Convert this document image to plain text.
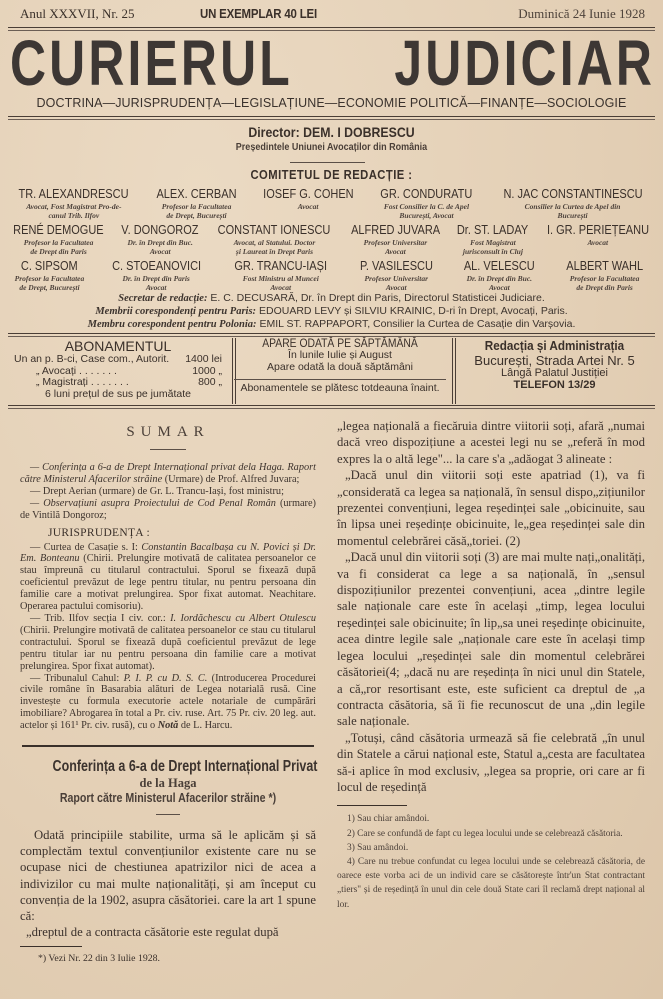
Anul XXXVII, Nr. 25	UN EXEMPLAR 40 LEI	Duminică 24 Iunie 1928
CURIERUL JUDICIAR
DOCTRINA—JURISPRUDENȚA—LEGISLAȚIUNE—ECONOMIE POLITICĂ—FINANȚE—SOCIOLOGIE
Director: DEM. I DOBRESCU
Președintele Uniunei Avocaților din România
COMITETUL DE REDACȚIE :
TR. ALEXANDRESCU
Avocat, Fost Magistrat Pro-de-
canul Trib. Ilfov
ALEX. CERBAN
Profesor la Facultatea
de Drept, București
IOSEF G. COHEN
Avocat
GR. CONDURATU
Fost Consilier la C. de Apel
București, Avocat
N. JAC CONSTANTINESCU
Consilier la Curtea de Apel din
București
RENÉ DEMOGUE
Profesor la Facultatea
de Drept din Paris
V. DONGOROZ
Dr. în Drept din Buc.
Avocat
CONSTANT IONESCU
Avocat, al Statului. Doctor
și Laureat în Drept Paris
ALFRED JUVARA
Profesor Universitar
Avocat
Dr. ST. LADAY
Fost Magistrat
jurisconsult în Cluj
I. GR. PERIEȚEANU
Avocat
C. SIPSOM
Profesor la Facultatea
de Drept, București
C. STOEANOVICI
Dr. în Drept din Paris
Avocat
GR. TRANCU-IAȘI
Fost Ministru al Muncei
Avocat
P. VASILESCU
Profesor Universitar
Avocat
AL. VELESCU
Dr. în Drept din Buc.
Avocat
ALBERT WAHL
Profesor la Facultatea
de Drept din Paris
Secretar de redacție: E. C. DECUSARĂ, Dr. în Drept din Paris, Directorul Statisticei Judiciare.
Membrii corespondenți pentru Paris: EDOUARD LEVY și SILVIU KRAINIC, D-ri în Drept, Avocați, Paris.
Membru corespondent pentru Polonia: EMIL ST. RAPPAPORT, Consilier la Curtea de Casație din Varșovia.
ABONAMENTUL
Un an p. B-ci, Case com., Autorit. 1400 lei
„ Avocați . . . . . . .	1000 „
„ Magistrați . . . . . . .	800 „
6 luni prețul de sus pe jumătate
APARE ODATĂ PE SĂPTĂMÂNĂ
În lunile Iulie și August
Apare odată la două săptămâni
Abonamentele se plătesc totdeauna înaint.
Redacția și Administrația
București, Strada Artei Nr. 5
Lângă Palatul Justiției
TELEFON 13/29
SUMAR

— Conferința a 6-a de Drept Internațional privat dela Haga. Raport către Ministerul Afacerilor străine (Urmare) de Prof. Alfred Juvara;

— Drept Aerian (urmare) de Gr. L. Trancu-Iași, fost ministru;

— Observațiuni asupra Proiectului de Cod Penal Român (urmare) de Vintilă Dongoroz;

JURISPRUDENȚA :

— Curtea de Casație s. I: Constantin Bacalbașa cu N. Povici și Dr. Em. Bonteanu (Chirii. Prelungire motivată de calitatea persoanelor ce stau împreună cu titularul contractului. Sporul se fixează după coeficientul prevăzut de lege pentru titular, nu pentru persoana din familie care a motivat prelungirea. Spor fixat automat. Neachitare. Operarea pactului comisoriu).

— Trib. Ilfov secția I civ. cor.: I. Iordăchescu cu Albert Otulescu (Chirii. Prelungire motivată de calitatea persoanelor ce stau cu titularul contractului. Sporul se fixează după coeficientul prevăzut de lege pentru titular iar nu pentru persoana din familie care a motivat prelungirea. Spor fixat automat).

— Tribunalul Cahul: P. I. P. cu D. S. C. (Introducerea Procedurei civile române în Basarabia alături de Legea notarială rusă. Cine investește cu formula executorie actele notariale de cumpărări imobiliare? Abrogarea în total a Pr. civ. ruse. Art. 75 Pr. civ. 20 leg. aut. actelor și 161¹ Pr. civ. rusă), cu o Notă de L. Harcu.

Conferința a 6-a de Drept Internațional Privat
de la Haga
Raport către Ministerul Afacerilor străine *)

Odată principiile stabilite, urma să le aplicăm și să complectăm textul convențiunilor existente care nu se ocupase nici de chestiunea apatrizilor nici de acea a indivizilor cu mai multe naționalități, și am început cu convenția de la 1902, asupra căsătoriei. care la art 1 spune că:

„dreptul de a contracta căsătorie este regulat după

*) Vezi Nr. 22 din 3 Iulie 1928.

„legea națională a fiecăruia dintre viitorii soți, afară „numai dacă vreo dispozițiune a acestei legi nu se „referă în mod expres la o altă lege"... la care s'a „adăogat 3 alineate :

„Dacă unul din viitorii soți este apatriad (1), va fi „considerată ca legea sa națională, în sensul dispo„zițiunilor prezentei convențiuni, legea reședinței sale „obicinuite, sau în lipsa unei reședințe obicinuite, le„gea reședinței sale din momentul celebrărei căsă„toriei. (2)

„Dacă unul din viitorii soți (3) are mai multe nați„onalități, va fi considerat ca lege a sa națională, în „sensul dispozițiunilor prezentei convențiuni, acea „dintre legile sale naționale care este în același „timp, legea locului reședinței sale obicinuite; în lip„sa unei reședințe obicinuite, acea dintre legile sale „naționale care este în același timp legea locului „reședinței sale din momentul celebrărei căsătoriei(4; „dacă nu are reședința în nici unul din Statele, a că„ror resortisant este, este suficient ca dreptul de „a contracta căsătoria, să îi fie recunoscut de una „din legile sale naționale.

„Totuși, când căsătoria urmează să fie celebrată „în unul din Statele a cărui național este, Statul a„cesta are facultatea să-i aplice în mod exclusiv, „legea sa proprie, ori care ar fi locul de reședință

1) Sau chiar amândoi.

2) Care se confundă de fapt cu legea locului unde se celebrează căsătoria.

3) Sau amândoi.

4) Care nu trebue confundat cu legea locului unde se celebrează căsătoria, de oarece este vorba aci de un individ care se căsătorește într'un Stat contractant „tiers" și de reședință în unul din cele două State cari îl reclamă drept național al lor.
